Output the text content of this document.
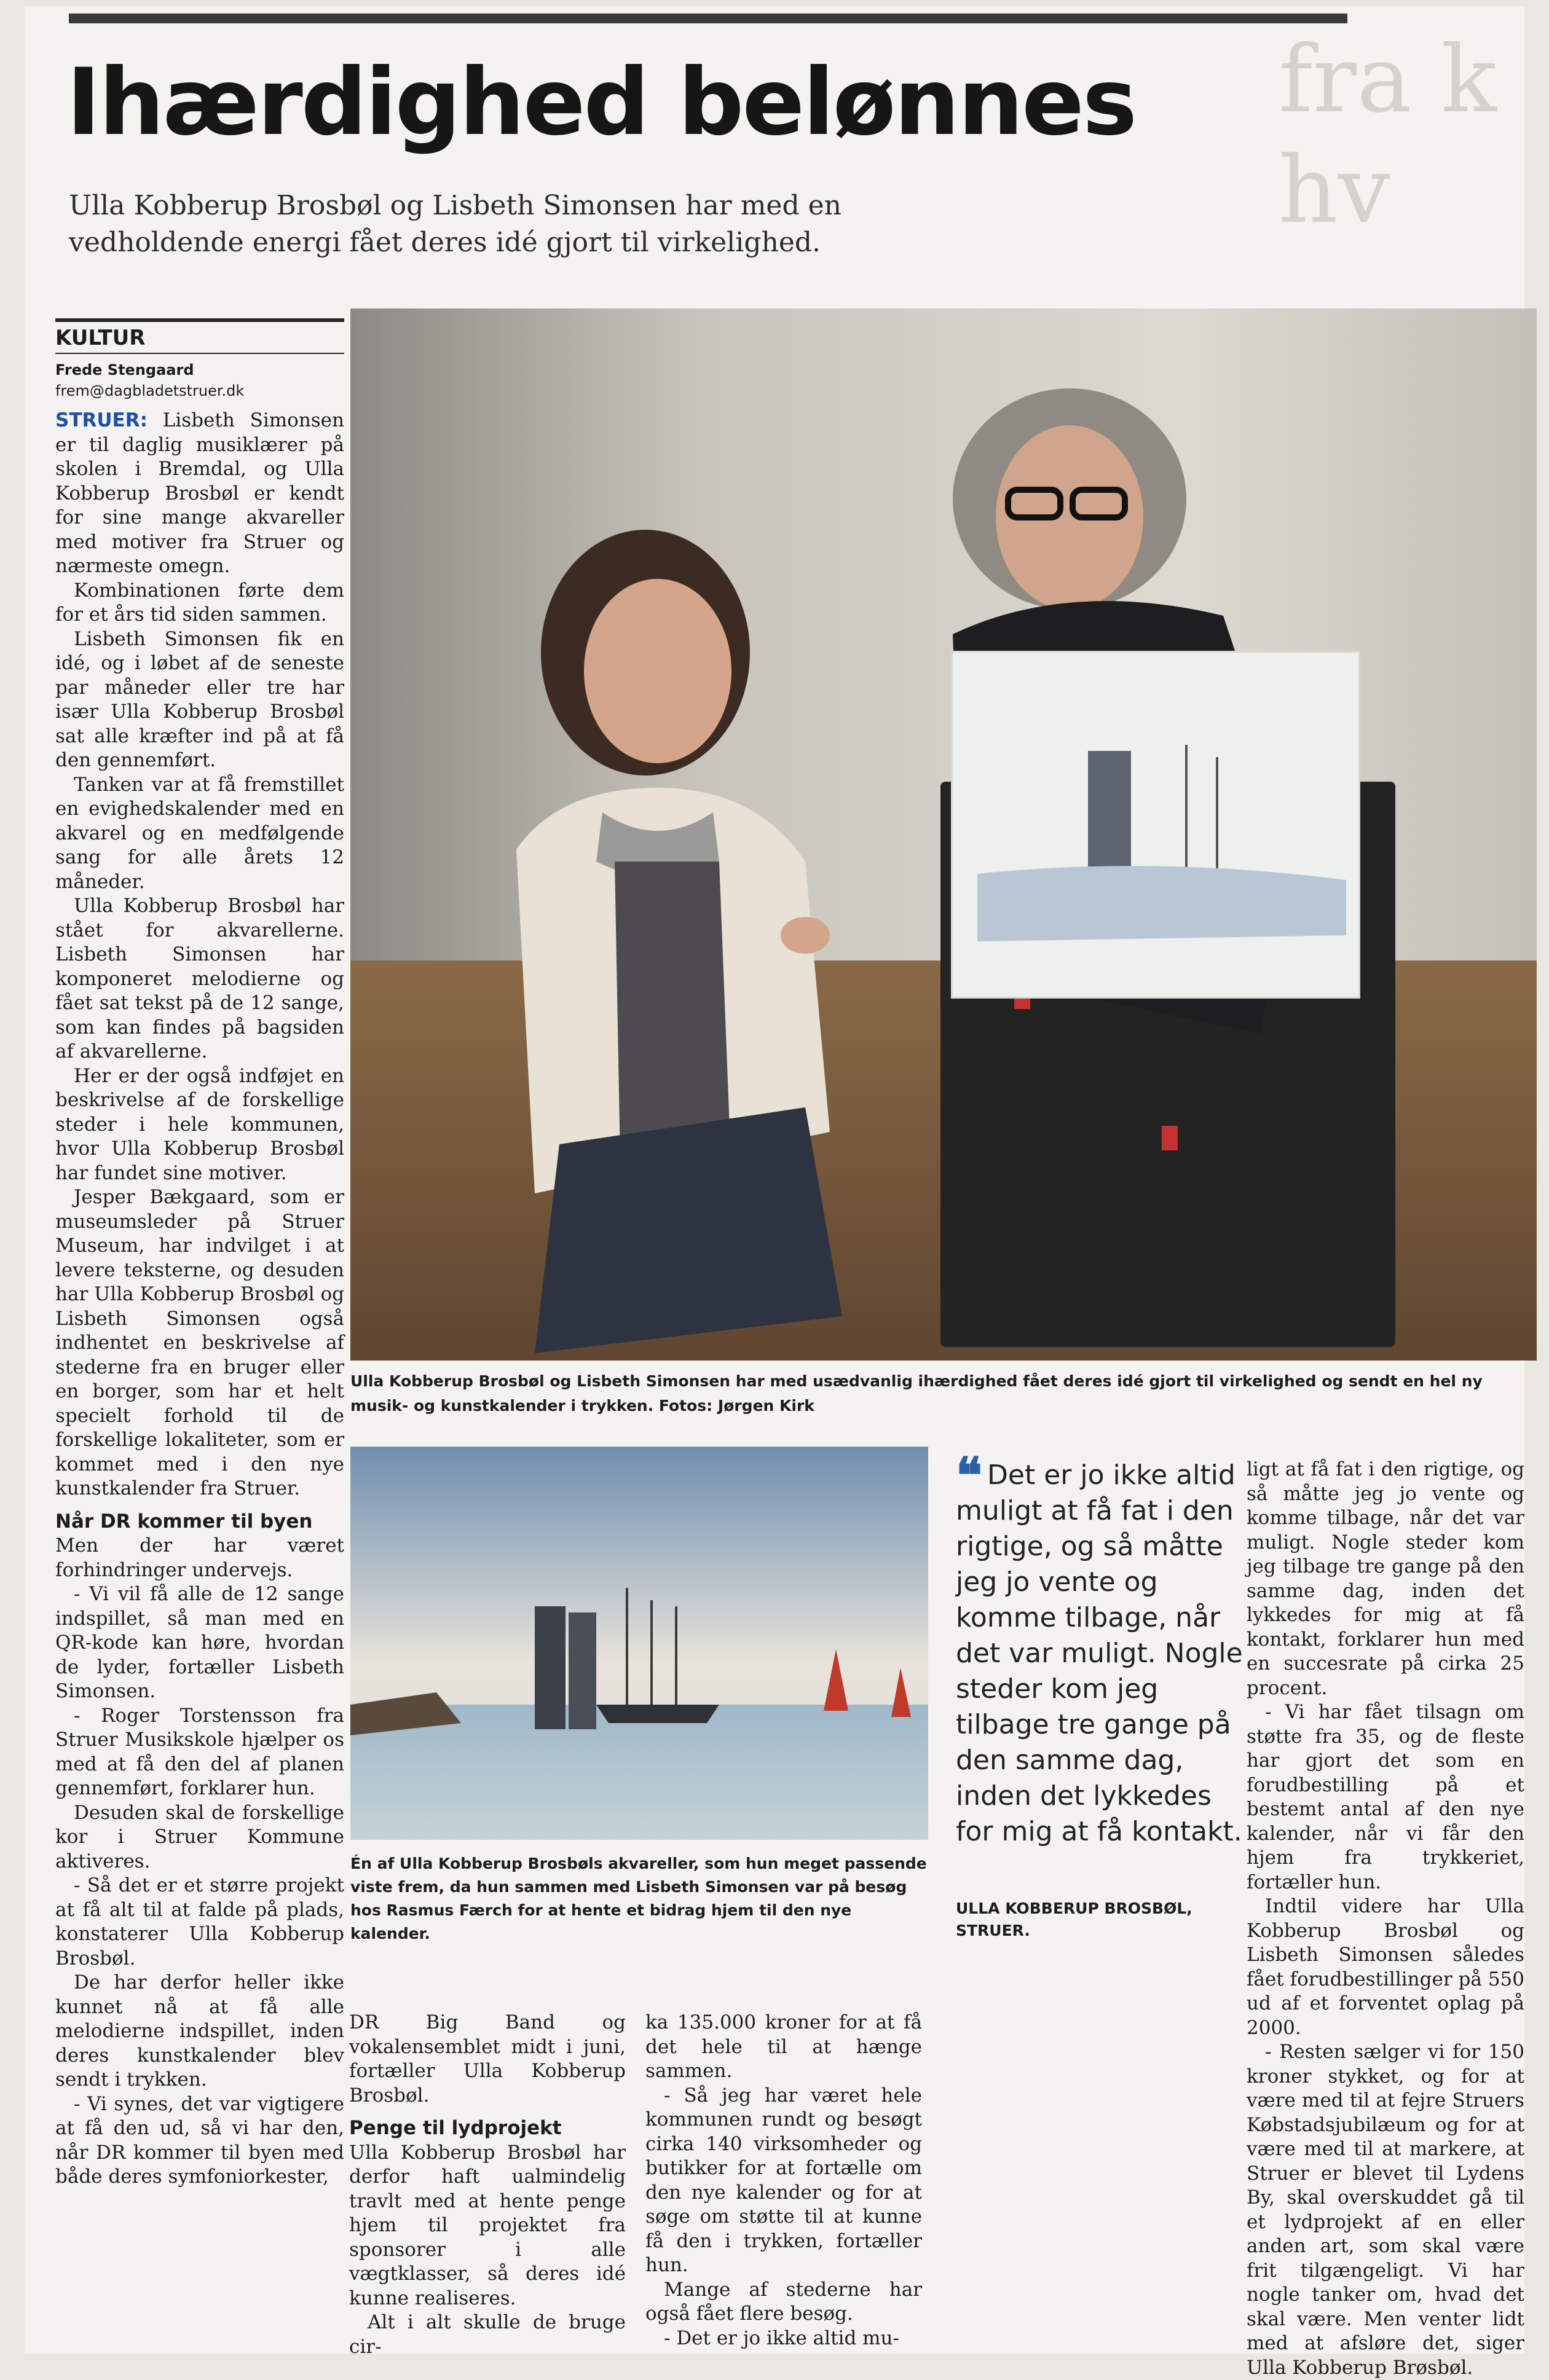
fra k hv
Ihærdighed belønnes
Ulla Kobberup Brosbøl og Lisbeth Simonsen har med en vedholdende energi fået deres idé gjort til virkelighed.
KULTUR
Frede Stengaard
frem@dagbladetstruer.dk

STRUER: Lisbeth Simonsen er til daglig musiklærer på skolen i Bremdal, og Ulla Kobberup Brosbøl er kendt for sine mange akvareller med motiver fra Struer og nærmeste omegn.

Kombinationen førte dem for et års tid siden sammen.

Lisbeth Simonsen fik en idé, og i løbet af de seneste par måneder eller tre har især Ulla Kobberup Brosbøl sat alle kræfter ind på at få den gennemført.

Tanken var at få fremstillet en evighedskalender med en akvarel og en medfølgende sang for alle årets 12 måneder.

Ulla Kobberup Brosbøl har stået for akvarellerne. Lisbeth Simonsen har komponeret melodierne og fået sat tekst på de 12 sange, som kan findes på bagsiden af akvarellerne.

Her er der også indføjet en beskrivelse af de forskellige steder i hele kommunen, hvor Ulla Kobberup Brosbøl har fundet sine motiver.

Jesper Bækgaard, som er museumsleder på Struer Museum, har indvilget i at levere teksterne, og desuden har Ulla Kobberup Brosbøl og Lisbeth Simonsen også indhentet en beskrivelse af stederne fra en bruger eller en borger, som har et helt specielt forhold til de forskellige lokaliteter, som er kommet med i den nye kunstkalender fra Struer.

Når DR kommer til byen

Men der har været forhindringer undervejs.

- Vi vil få alle de 12 sange indspillet, så man med en QR-kode kan høre, hvordan de lyder, fortæller Lisbeth Simonsen.

- Roger Torstensson fra Struer Musikskole hjælper os med at få den del af planen gennemført, forklarer hun.

Desuden skal de forskellige kor i Struer Kommune aktiveres.

- Så det er et større projekt at få alt til at falde på plads, konstaterer Ulla Kobberup Brosbøl.

De har derfor heller ikke kunnet nå at få alle melodierne indspillet, inden deres kunstkalender blev sendt i trykken.

- Vi synes, det var vigtigere at få den ud, så vi har den, når DR kommer til byen med både deres symfoniorkester,

Ulla Kobberup Brosbøl og Lisbeth Simonsen har med usædvanlig ihærdighed fået deres idé gjort til virkelighed og sendt en hel ny musik- og kunstkalender i trykken. Fotos: Jørgen Kirk
Én af Ulla Kobberup Brosbøls akvareller, som hun meget passende viste frem, da hun sammen med Lisbeth Simonsen var på besøg hos Rasmus Færch for at hente et bidrag hjem til den nye kalender.
❝ Det er jo ikke altid muligt at få fat i den rigtige, og så måtte jeg jo vente og komme tilbage, når det var muligt. Nogle steder kom jeg tilbage tre gange på den samme dag, inden det lykkedes for mig at få kontakt.
ULLA KOBBERUP BROSBØL, STRUER.

DR Big Band og vokalensemblet midt i juni, fortæller Ulla Kobberup Brosbøl.

Penge til lydprojekt

Ulla Kobberup Brosbøl har derfor haft ualmindelig travlt med at hente penge hjem til projektet fra sponsorer i alle vægtklasser, så deres idé kunne realiseres.

Alt i alt skulle de bruge cir-

ka 135.000 kroner for at få det hele til at hænge sammen.

- Så jeg har været hele kommunen rundt og besøgt cirka 140 virksomheder og butikker for at fortælle om den nye kalender og for at søge om støtte til at kunne få den i trykken, fortæller hun.

Mange af stederne har også fået flere besøg.

- Det er jo ikke altid mu-

ligt at få fat i den rigtige, og så måtte jeg jo vente og komme tilbage, når det var muligt. Nogle steder kom jeg tilbage tre gange på den samme dag, inden det lykkedes for mig at få kontakt, forklarer hun med en succesrate på cirka 25 procent.

- Vi har fået tilsagn om støtte fra 35, og de fleste har gjort det som en forudbestilling på et bestemt antal af den nye kalender, når vi får den hjem fra trykkeriet, fortæller hun.

Indtil videre har Ulla Kobberup Brosbøl og Lisbeth Simonsen således fået forudbestillinger på 550 ud af et forventet oplag på 2000.

- Resten sælger vi for 150 kroner stykket, og for at være med til at fejre Struers Købstadsjubilæum og for at være med til at markere, at Struer er blevet til Lydens By, skal overskuddet gå til et lydprojekt af en eller anden art, som skal være frit tilgængeligt. Vi har nogle tanker om, hvad det skal være. Men venter lidt med at afsløre det, siger Ulla Kobberup Brøsbøl.
